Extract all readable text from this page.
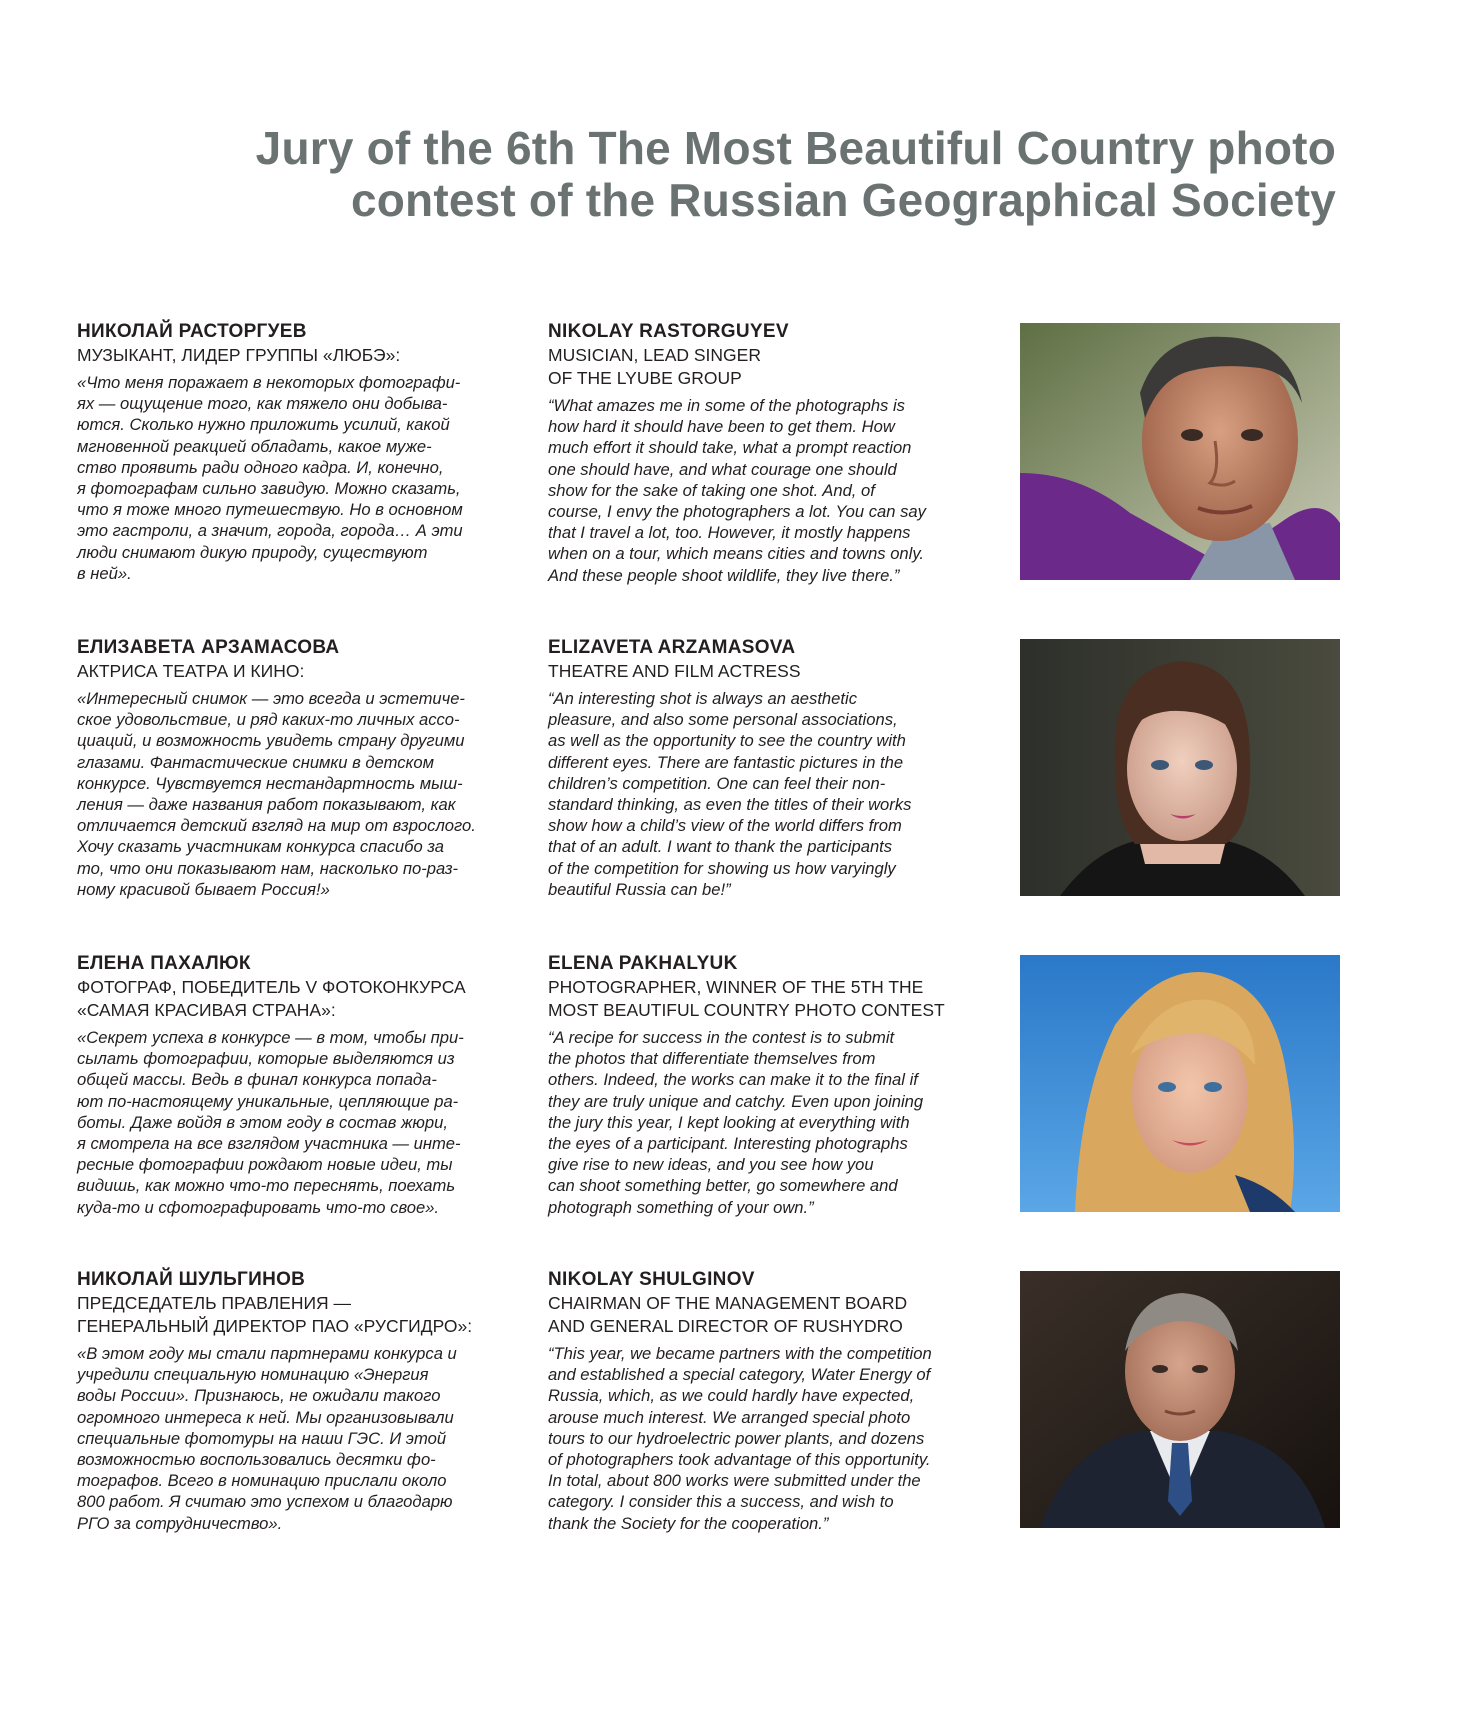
Jury of the 6th The Most Beautiful Country photo
contest of the Russian Geographical Society
НИКОЛАЙ РАСТОРГУЕВ
МУЗЫКАНТ, ЛИДЕР ГРУППЫ «ЛЮБЭ»:
«Что меня поражает в некоторых фотографи-
ях — ощущение того, как тяжело они добыва-
ются. Сколько нужно приложить усилий, какой
мгновенной реакцией обладать, какое муже-
ство проявить ради одного кадра. И, конечно,
я фотографам сильно завидую. Можно сказать,
что я тоже много путешествую. Но в основном
это гастроли, а значит, города, города… А эти
люди снимают дикую природу, существуют
в ней».
NIKOLAY RASTORGUYEV
MUSICIAN, LEAD SINGER
OF THE LYUBE GROUP
“What amazes me in some of the photographs is
how hard it should have been to get them. How
much effort it should take, what a prompt reaction
one should have, and what courage one should
show for the sake of taking one shot. And, of
course, I envy the photographers a lot. You can say
that I travel a lot, too. However, it mostly happens
when on a tour, which means cities and towns only.
And these people shoot wildlife, they live there.”
ЕЛИЗАВЕТА АРЗАМАСОВА
АКТРИСА ТЕАТРА И КИНО:
«Интересный снимок — это всегда и эстетиче-
ское удовольствие, и ряд каких-то личных ассо-
циаций, и возможность увидеть страну другими
глазами. Фантастические снимки в детском
конкурсе. Чувствуется нестандартность мыш-
ления — даже названия работ показывают, как
отличается детский взгляд на мир от взрослого.
Хочу сказать участникам конкурса спасибо за
то, что они показывают нам, насколько по-раз-
ному красивой бывает Россия!»
ELIZAVETA ARZAMASOVA
THEATRE AND FILM ACTRESS
“An interesting shot is always an aesthetic
pleasure, and also some personal associations,
as well as the opportunity to see the country with
different eyes. There are fantastic pictures in the
children’s competition. One can feel their non-
standard thinking, as even the titles of their works
show how a child’s view of the world differs from
that of an adult. I want to thank the participants
of the competition for showing us how varyingly
beautiful Russia can be!”
ЕЛЕНА ПАХАЛЮК
ФОТОГРАФ, ПОБЕДИТЕЛЬ V ФОТОКОНКУРСА
«САМАЯ КРАСИВАЯ СТРАНА»:
«Секрет успеха в конкурсе — в том, чтобы при-
сылать фотографии, которые выделяются из
общей массы. Ведь в финал конкурса попада-
ют по-настоящему уникальные, цепляющие ра-
боты. Даже войдя в этом году в состав жюри,
я смотрела на все взглядом участника — инте-
ресные фотографии рождают новые идеи, ты
видишь, как можно что-то переснять, поехать
куда-то и сфотографировать что-то свое».
ELENA PAKHALYUK
PHOTOGRAPHER, WINNER OF THE 5TH THE
MOST BEAUTIFUL COUNTRY PHOTO CONTEST
“A recipe for success in the contest is to submit
the photos that differentiate themselves from
others. Indeed, the works can make it to the final if
they are truly unique and catchy. Even upon joining
the jury this year, I kept looking at everything with
the eyes of a participant. Interesting photographs
give rise to new ideas, and you see how you
can shoot something better, go somewhere and
photograph something of your own.”
НИКОЛАЙ ШУЛЬГИНОВ
ПРЕДСЕДАТЕЛЬ ПРАВЛЕНИЯ —
ГЕНЕРАЛЬНЫЙ ДИРЕКТОР ПАО «РУСГИДРО»:
«В этом году мы стали партнерами конкурса и
учредили специальную номинацию «Энергия
воды России». Признаюсь, не ожидали такого
огромного интереса к ней. Мы организовывали
специальные фототуры на наши ГЭС. И этой
возможностью воспользовались десятки фо-
тографов. Всего в номинацию прислали около
800 работ. Я считаю это успехом и благодарю
РГО за сотрудничество».
NIKOLAY SHULGINOV
CHAIRMAN OF THE MANAGEMENT BOARD
AND GENERAL DIRECTOR OF RUSHYDRO
“This year, we became partners with the competition
and established a special category, Water Energy of
Russia, which, as we could hardly have expected,
arouse much interest. We arranged special photo
tours to our hydroelectric power plants, and dozens
of photographers took advantage of this opportunity.
In total, about 800 works were submitted under the
category. I consider this a success, and wish to
thank the Society for the cooperation.”
